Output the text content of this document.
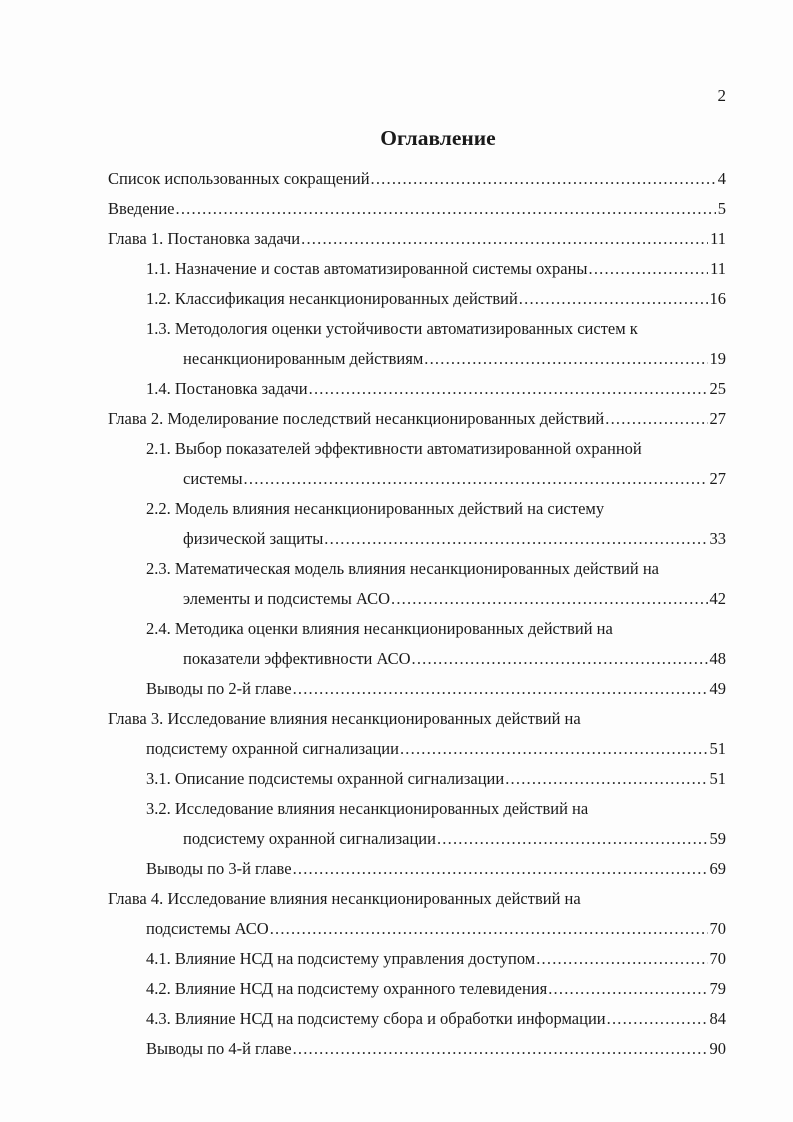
2
Оглавление
Список использованных сокращений .....	4
Введение .....	5
Глава 1. Постановка задачи .....	11
1.1. Назначение и состав автоматизированной системы охраны .....	11
1.2. Классификация несанкционированных действий .....	16
1.3. Методология оценки устойчивости автоматизированных систем к
несанкционированным действиям .....	19
1.4. Постановка задачи .....	25
Глава 2. Моделирование последствий несанкционированных действий .....	27
2.1. Выбор показателей эффективности автоматизированной охранной
системы .....	27
2.2. Модель влияния несанкционированных действий на систему
физической защиты .....	33
2.3. Математическая модель влияния несанкционированных действий на
элементы и подсистемы АСО .....	42
2.4. Методика оценки влияния несанкционированных действий на
показатели эффективности АСО .....	48
Выводы по 2-й главе .....	49
Глава 3. Исследование влияния несанкционированных действий на
подсистему охранной сигнализации .....	51
3.1. Описание подсистемы охранной сигнализации .....	51
3.2. Исследование влияния несанкционированных действий на
подсистему охранной сигнализации .....	59
Выводы по 3-й главе .....	69
Глава 4. Исследование влияния несанкционированных действий на
подсистемы АСО .....	70
4.1. Влияние НСД на подсистему управления доступом .....	70
4.2. Влияние НСД на подсистему охранного телевидения .....	79
4.3. Влияние НСД на подсистему сбора и обработки информации .....	84
Выводы по 4-й главе .....	90
